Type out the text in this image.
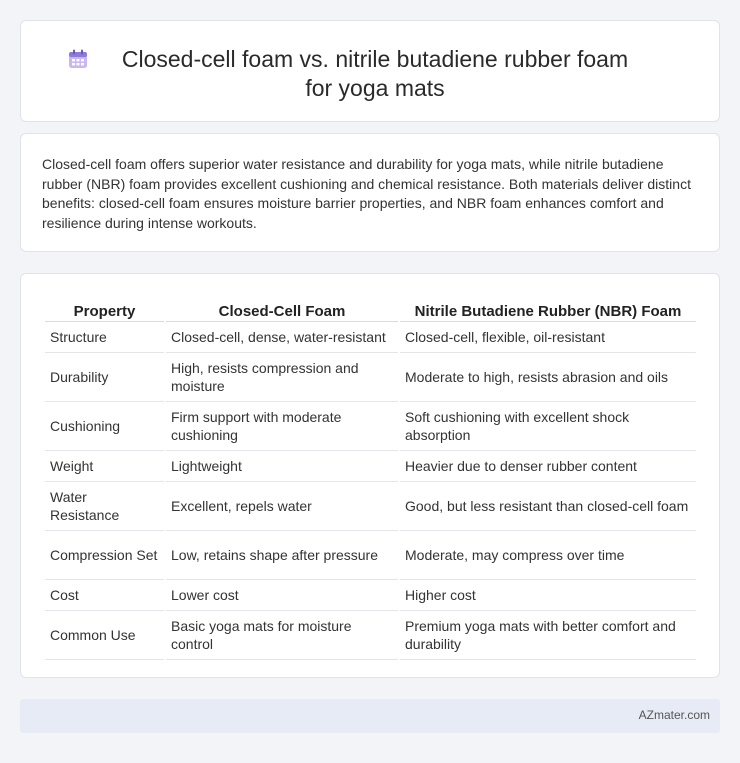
Closed-cell foam vs. nitrile butadiene rubber foam for yoga mats

Closed-cell foam offers superior water resistance and durability for yoga mats, while nitrile butadiene rubber (NBR) foam provides excellent cushioning and chemical resistance. Both materials deliver distinct benefits: closed-cell foam ensures moisture barrier properties, and NBR foam enhances comfort and resilience during intense workouts.

Property	Closed-Cell Foam	Nitrile Butadiene Rubber (NBR) Foam
Structure	Closed-cell, dense, water-resistant	Closed-cell, flexible, oil-resistant
Durability	High, resists compression and moisture	Moderate to high, resists abrasion and oils
Cushioning	Firm support with moderate cushioning	Soft cushioning with excellent shock absorption
Weight	Lightweight	Heavier due to denser rubber content
Water Resistance	Excellent, repels water	Good, but less resistant than closed-cell foam
Compression Set	Low, retains shape after pressure	Moderate, may compress over time
Cost	Lower cost	Higher cost
Common Use	Basic yoga mats for moisture control	Premium yoga mats with better comfort and durability
AZmater.com
